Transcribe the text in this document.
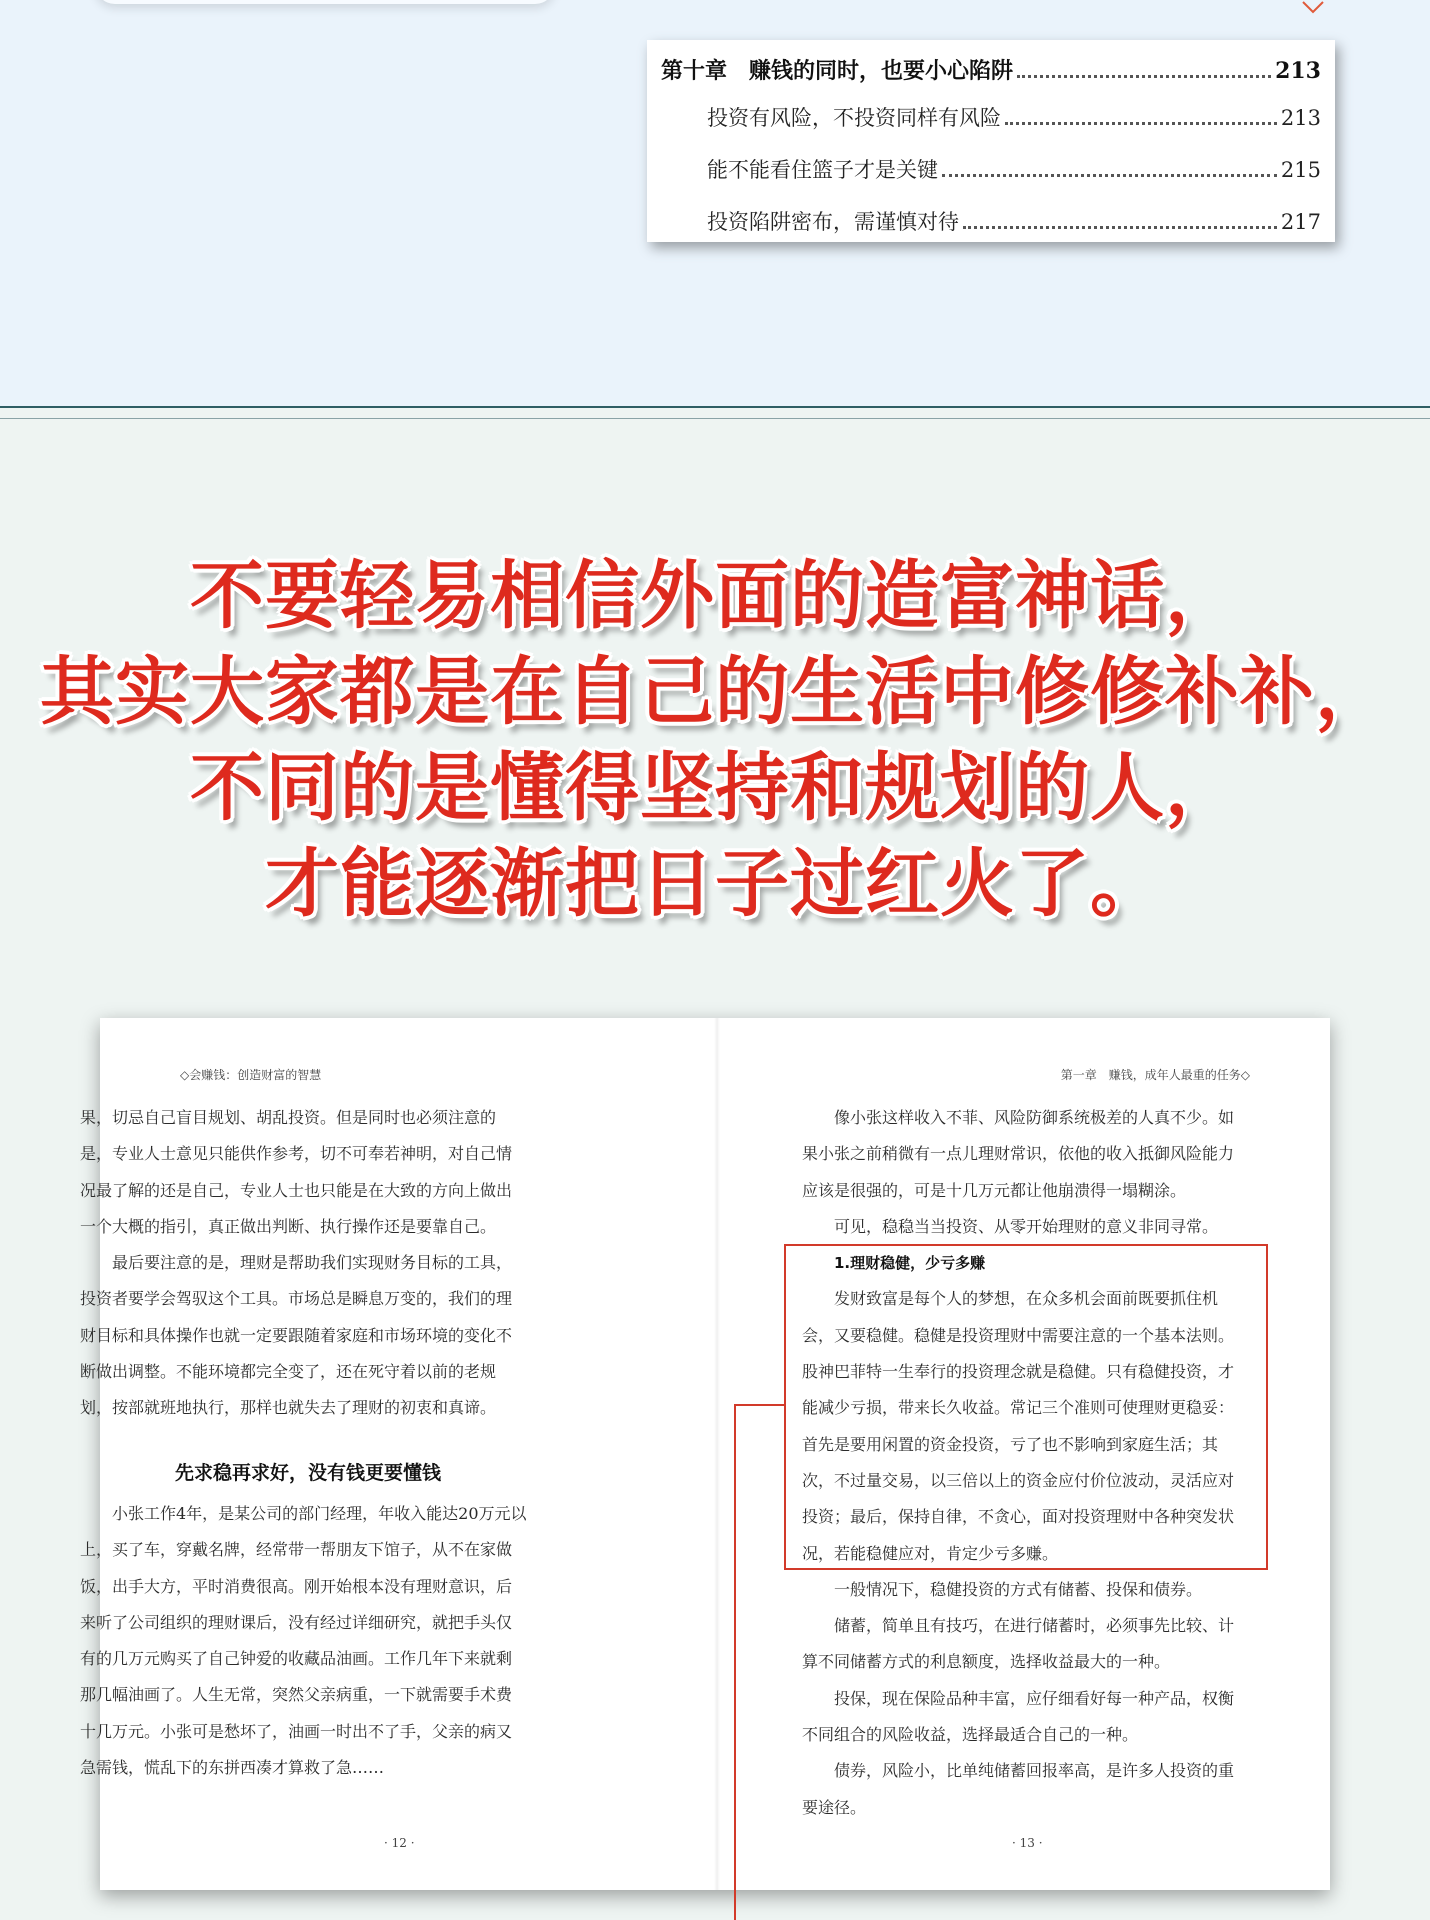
第十章　赚钱的同时，也要小心陷阱	213
投资有风险，不投资同样有风险	213
能不能看住篮子才是关键	215
投资陷阱密布，需谨慎对待	217
不要轻易相信外面的造富神话，
其实大家都是在自己的生活中修修补补，
不同的是懂得坚持和规划的人，
才能逐渐把日子过红火了。
◇会赚钱：创造财富的智慧	第一章　赚钱，成年人最重的任务◇

果，切忌自己盲目规划、胡乱投资。但是同时也必须注意的

是，专业人士意见只能供作参考，切不可奉若神明，对自己情

况最了解的还是自己，专业人士也只能是在大致的方向上做出

一个大概的指引，真正做出判断、执行操作还是要靠自己。

最后要注意的是，理财是帮助我们实现财务目标的工具，

投资者要学会驾驭这个工具。市场总是瞬息万变的，我们的理

财目标和具体操作也就一定要跟随着家庭和市场环境的变化不

断做出调整。不能环境都完全变了，还在死守着以前的老规

划，按部就班地执行，那样也就失去了理财的初衷和真谛。

先求稳再求好，没有钱更要懂钱

小张工作4年，是某公司的部门经理，年收入能达20万元以

上，买了车，穿戴名牌，经常带一帮朋友下馆子，从不在家做

饭，出手大方，平时消费很高。刚开始根本没有理财意识，后

来听了公司组织的理财课后，没有经过详细研究，就把手头仅

有的几万元购买了自己钟爱的收藏品油画。工作几年下来就剩

那几幅油画了。人生无常，突然父亲病重，一下就需要手术费

十几万元。小张可是愁坏了，油画一时出不了手，父亲的病又

急需钱，慌乱下的东拼西凑才算救了急……

像小张这样收入不菲、风险防御系统极差的人真不少。如

果小张之前稍微有一点儿理财常识，依他的收入抵御风险能力

应该是很强的，可是十几万元都让他崩溃得一塌糊涂。

可见，稳稳当当投资、从零开始理财的意义非同寻常。

1.理财稳健，少亏多赚

发财致富是每个人的梦想，在众多机会面前既要抓住机

会，又要稳健。稳健是投资理财中需要注意的一个基本法则。

股神巴菲特一生奉行的投资理念就是稳健。只有稳健投资，才

能减少亏损，带来长久收益。常记三个准则可使理财更稳妥：

首先是要用闲置的资金投资，亏了也不影响到家庭生活；其

次，不过量交易，以三倍以上的资金应付价位波动，灵活应对

投资；最后，保持自律，不贪心，面对投资理财中各种突发状

况，若能稳健应对，肯定少亏多赚。

一般情况下，稳健投资的方式有储蓄、投保和债券。

储蓄，简单且有技巧，在进行储蓄时，必须事先比较、计

算不同储蓄方式的利息额度，选择收益最大的一种。

投保，现在保险品种丰富，应仔细看好每一种产品，权衡

不同组合的风险收益，选择最适合自己的一种。

债券，风险小，比单纯储蓄回报率高，是许多人投资的重

要途径。

· 12 ·	· 13 ·
